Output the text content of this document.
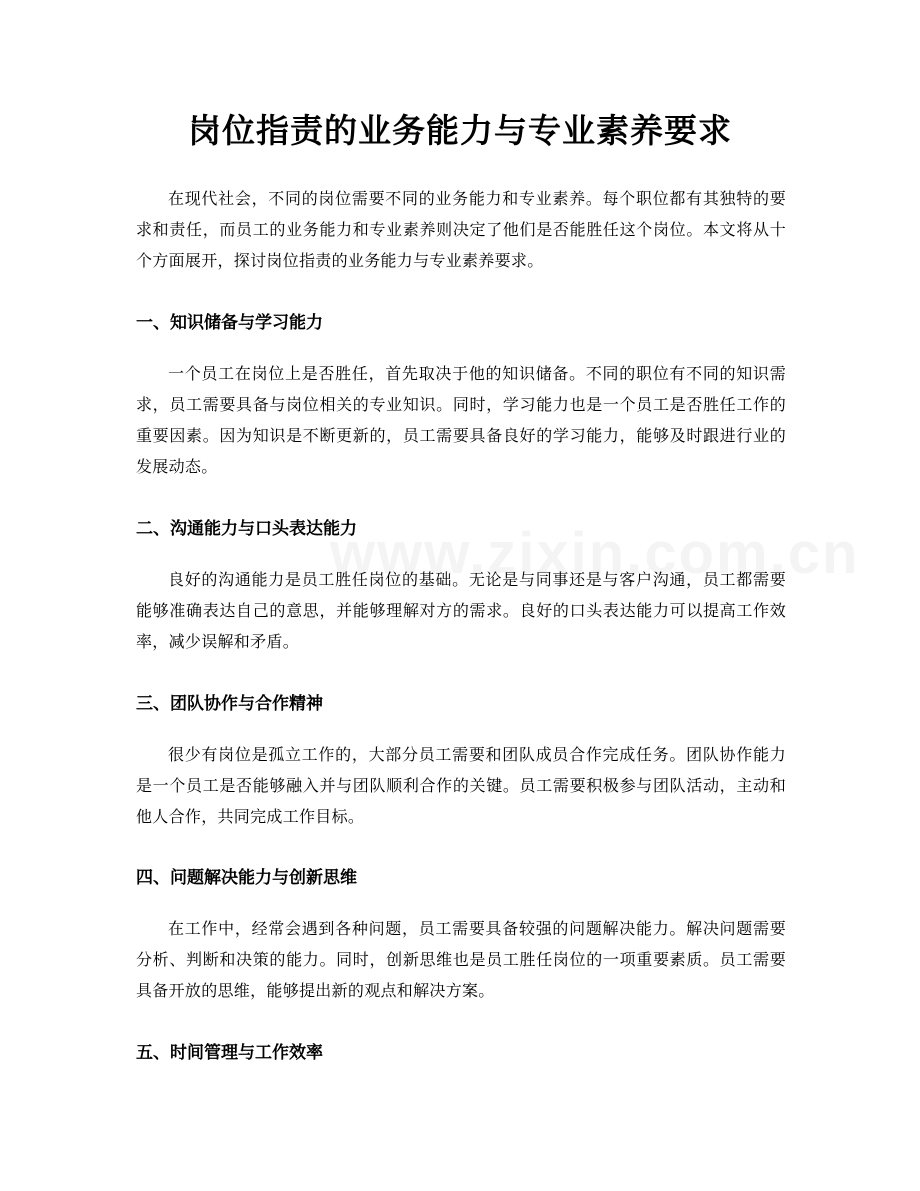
岗位指责的业务能力与专业素养要求

在现代社会，不同的岗位需要不同的业务能力和专业素养。每个职位都有其独特的要求和责任，而员工的业务能力和专业素养则决定了他们是否能胜任这个岗位。本文将从十个方面展开，探讨岗位指责的业务能力与专业素养要求。

一、知识储备与学习能力

一个员工在岗位上是否胜任，首先取决于他的知识储备。不同的职位有不同的知识需求，员工需要具备与岗位相关的专业知识。同时，学习能力也是一个员工是否胜任工作的重要因素。因为知识是不断更新的，员工需要具备良好的学习能力，能够及时跟进行业的发展动态。

二、沟通能力与口头表达能力

良好的沟通能力是员工胜任岗位的基础。无论是与同事还是与客户沟通，员工都需要能够准确表达自己的意思，并能够理解对方的需求。良好的口头表达能力可以提高工作效率，减少误解和矛盾。

三、团队协作与合作精神

很少有岗位是孤立工作的，大部分员工需要和团队成员合作完成任务。团队协作能力是一个员工是否能够融入并与团队顺利合作的关键。员工需要积极参与团队活动，主动和他人合作，共同完成工作目标。

四、问题解决能力与创新思维

在工作中，经常会遇到各种问题，员工需要具备较强的问题解决能力。解决问题需要分析、判断和决策的能力。同时，创新思维也是员工胜任岗位的一项重要素质。员工需要具备开放的思维，能够提出新的观点和解决方案。

五、时间管理与工作效率
